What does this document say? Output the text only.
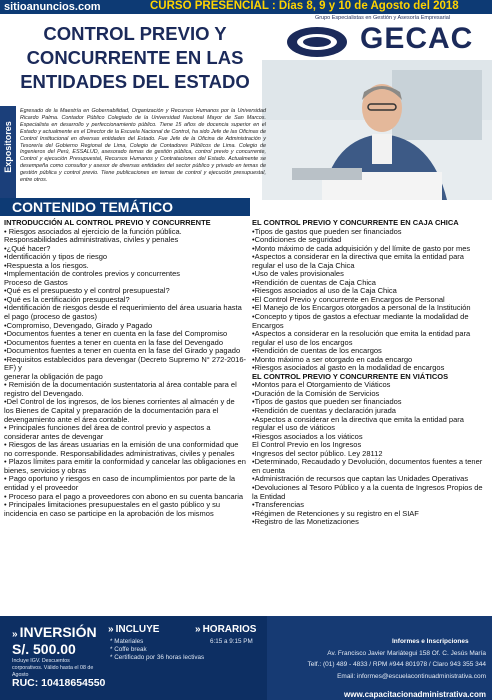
sitioanuncios.com	CURSO PRESENCIAL : Días 8, 9 y 10 de Agosto del 2018
CONTROL PREVIO Y CONCURRENTE EN LAS ENTIDADES DEL ESTADO
Grupo Especialistas en Gestión y Asesoría Empresarial
GECAC
Expositores
Egresado de la Maestría en Gobernabilidad, Organización y Recursos Humanos por la Universidad Ricardo Palma. Contador Público Colegiado de la Universidad Nacional Mayor de San Marcos. Especialista en desarrollo y perfeccionamiento público. Tiene 15 años de docencia superior en el Estado y actualmente es el Director de la Escuela Nacional de Control, ha sido Jefe de las Oficinas de Control Institucional en diversas entidades del Estado. Fue Jefe de la Oficina de Administración y Tesorería del Gobierno Regional de Lima, Colegio de Contadores Públicos de Lima. Colegio de Ingenieros del Perú, ESSALUD, asesorado temas de gestión pública, control previo y concurrente, Control y ejecución Presupuestal, Recursos Humanos y Contrataciones del Estado. Actualmente se desempeña como consultor y asesor de diversas entidades del sector público y privado en temas de gestión pública y control previo. Tiene publicaciones en temas de control y ejecución presupuestal, entre otros.
CONTENIDO TEMÁTICO

INTRODUCCIÓN AL CONTROL PREVIO Y CONCURRENTE

• Riesgos asociados al ejercicio de la función pública. Responsabilidades administrativas, civiles y penales

•¿Qué hacer?

•Identificación y tipos de riesgo

•Respuesta a los riesgos.

•Implementación de controles previos y concurrentes

Proceso de Gastos

•Qué es el presupuesto y el control presupuestal?

•Qué es la certificación presupuestal?

•Identificación de riesgos desde el requerimiento del área usuaria hasta el pago (proceso de gastos)

•Compromiso, Devengado, Girado y Pagado

•Documentos fuentes a tener en cuenta en la fase del Compromiso

•Documentos fuentes a tener en cuenta en la fase del Devengado

•Documentos fuentes a tener en cuenta en la fase del Girado y pagado

•Requisitos establecidos para devengar (Decreto Supremo N° 272-2016-EF) y

generar la obligación de pago

• Remisión de la documentación sustentatoria al área contable para el registro del Devengado.

•Del Control de los ingresos, de los bienes corrientes al almacén y de los Bienes de Capital y preparación de la documentación para el devengamiento ante el área contable.

• Principales funciones del área de control previo y aspectos a considerar antes de devengar

• Riesgos de las áreas usuarias en la emisión de una conformidad que no corresponde. Responsabilidades administrativas, civiles y penales

• Plazos límites para emitir la conformidad y cancelar las obligaciones en bienes, servicios y obras

• Pago oportuno y riesgos en caso de incumplimientos por parte de la entidad y el proveedor

• Proceso para el pago a proveedores con abono en su cuenta bancaria

• Principales limitaciones presupuestales en el gasto público y su incidencia en caso se participe en la aprobación de los mismos

EL CONTROL PREVIO Y CONCURRENTE EN CAJA CHICA

•Tipos de gastos que pueden ser financiados

•Condiciones de seguridad

•Monto máximo de cada adquisición y del límite de gasto por mes

•Aspectos a considerar en la directiva que emita la entidad para regular el uso de la Caja Chica

•Uso de vales provisionales

•Rendición de cuentas de Caja Chica

•Riesgos asociados al uso de la Caja Chica

•El Control Previo y concurrente en Encargos de Personal

•El Manejo de los Encargos otorgados a personal de la Institución

•Concepto y tipos de gastos a efectuar mediante la modalidad de Encargos

•Aspectos a considerar en la resolución que emita la entidad para regular el uso de los encargos

•Rendición de cuentas de los encargos

•Monto máximo a ser otorgado en cada encargo

•Riesgos asociados al gasto en la modalidad de encargos

EL CONTROL PREVIO Y CONCURRENTE EN VIÁTICOS

•Montos para el Otorgamiento de Viáticos

•Duración de la Comisión de Servicios

•Tipos de gastos que pueden ser financiados

•Rendición de cuentas y declaración jurada

•Aspectos a considerar en la directiva que emita la entidad para regular el uso de viáticos

•Riesgos asociados a los viáticos

El Control Previo en los Ingresos

•Ingresos del sector público. Ley 28112

•Determinado, Recaudado y Devolución, documentos fuentes a tener en cuenta

•Administración de recursos que captan las Unidades Operativas

•Devoluciones al Tesoro Público y a la cuenta de Ingresos Propios de la Entidad

•Transferencias

•Régimen de Retenciones y su registro en el SIAF

•Registro de las Monetizaciones

» INVERSIÓN
S/. 500.00
Incluye IGV. Descuentos corporativos. Válido hasta el 08 de Agosto
RUC: 10418654550
» INCLUYE
* Materiales
* Coffe break
* Certificado por 36 horas lectivas
» HORARIOS
6:15 a 9:15 PM	Informes e Inscripciones
Av. Francisco Javier Mariátegui 158 Of. C. Jesús María
Telf.: (01) 489 - 4833 / RPM #944 801978 / Claro 943 355 344
Email: informes@escuelacontinuadministrativa.com
www.capacitacionadministrativa.com
